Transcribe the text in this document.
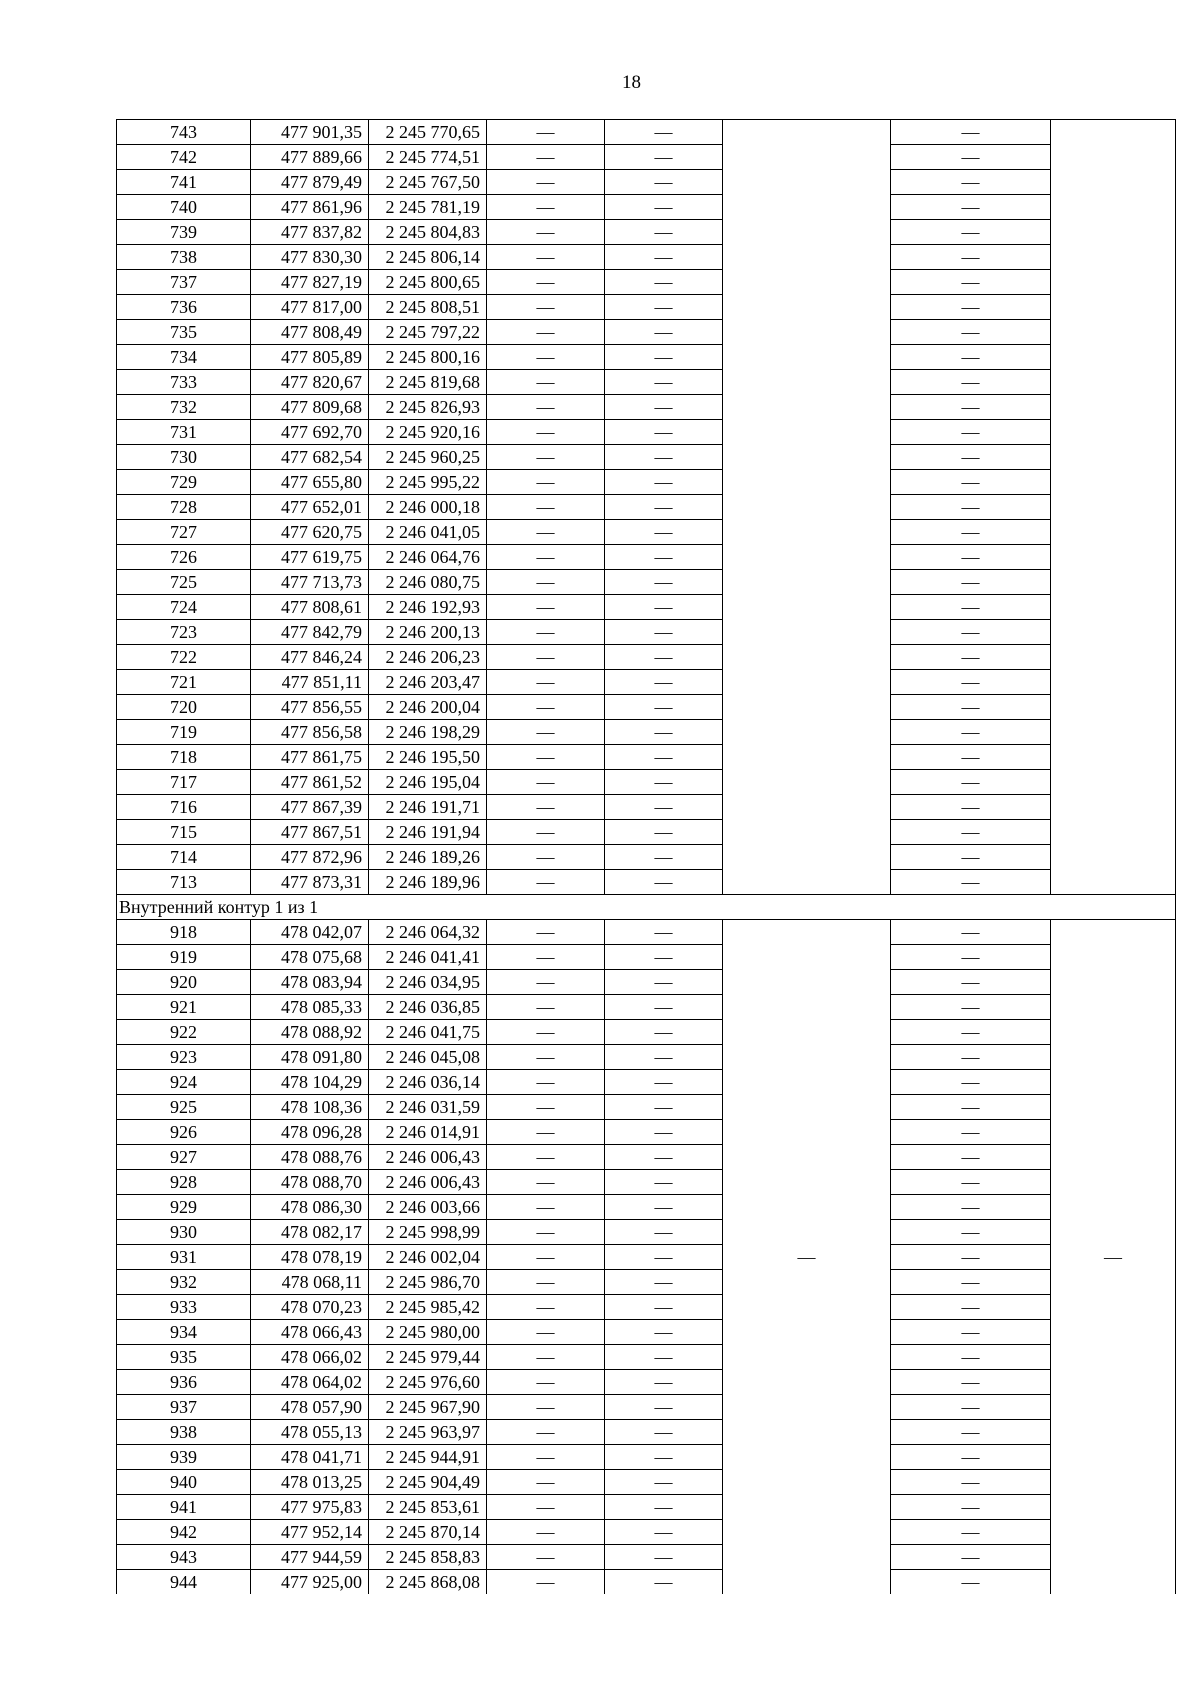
18
743	477 901,35	2 245 770,65	—	—		—	
742	477 889,66	2 245 774,51	—	—		—	
741	477 879,49	2 245 767,50	—	—		—	
740	477 861,96	2 245 781,19	—	—		—	
739	477 837,82	2 245 804,83	—	—		—	
738	477 830,30	2 245 806,14	—	—		—	
737	477 827,19	2 245 800,65	—	—		—	
736	477 817,00	2 245 808,51	—	—		—	
735	477 808,49	2 245 797,22	—	—		—	
734	477 805,89	2 245 800,16	—	—		—	
733	477 820,67	2 245 819,68	—	—		—	
732	477 809,68	2 245 826,93	—	—		—	
731	477 692,70	2 245 920,16	—	—		—	
730	477 682,54	2 245 960,25	—	—		—	
729	477 655,80	2 245 995,22	—	—		—	
728	477 652,01	2 246 000,18	—	—		—	
727	477 620,75	2 246 041,05	—	—		—	
726	477 619,75	2 246 064,76	—	—		—	
725	477 713,73	2 246 080,75	—	—		—	
724	477 808,61	2 246 192,93	—	—		—	
723	477 842,79	2 246 200,13	—	—		—	
722	477 846,24	2 246 206,23	—	—		—	
721	477 851,11	2 246 203,47	—	—		—	
720	477 856,55	2 246 200,04	—	—		—	
719	477 856,58	2 246 198,29	—	—		—	
718	477 861,75	2 246 195,50	—	—		—	
717	477 861,52	2 246 195,04	—	—		—	
716	477 867,39	2 246 191,71	—	—		—	
715	477 867,51	2 246 191,94	—	—		—	
714	477 872,96	2 246 189,26	—	—		—	
713	477 873,31	2 246 189,96	—	—		—	
Внутренний контур 1 из 1							
918	478 042,07	2 246 064,32	—	—	—	—	—
919	478 075,68	2 246 041,41	—	—		—	
920	478 083,94	2 246 034,95	—	—		—	
921	478 085,33	2 246 036,85	—	—		—	
922	478 088,92	2 246 041,75	—	—		—	
923	478 091,80	2 246 045,08	—	—		—	
924	478 104,29	2 246 036,14	—	—		—	
925	478 108,36	2 246 031,59	—	—		—	
926	478 096,28	2 246 014,91	—	—		—	
927	478 088,76	2 246 006,43	—	—		—	
928	478 088,70	2 246 006,43	—	—		—	
929	478 086,30	2 246 003,66	—	—		—	
930	478 082,17	2 245 998,99	—	—		—	
931	478 078,19	2 246 002,04	—	—		—	
932	478 068,11	2 245 986,70	—	—		—	
933	478 070,23	2 245 985,42	—	—		—	
934	478 066,43	2 245 980,00	—	—		—	
935	478 066,02	2 245 979,44	—	—		—	
936	478 064,02	2 245 976,60	—	—		—	
937	478 057,90	2 245 967,90	—	—		—	
938	478 055,13	2 245 963,97	—	—		—	
939	478 041,71	2 245 944,91	—	—		—	
940	478 013,25	2 245 904,49	—	—		—	
941	477 975,83	2 245 853,61	—	—		—	
942	477 952,14	2 245 870,14	—	—		—	
943	477 944,59	2 245 858,83	—	—		—	
944	477 925,00	2 245 868,08	—	—		—	
